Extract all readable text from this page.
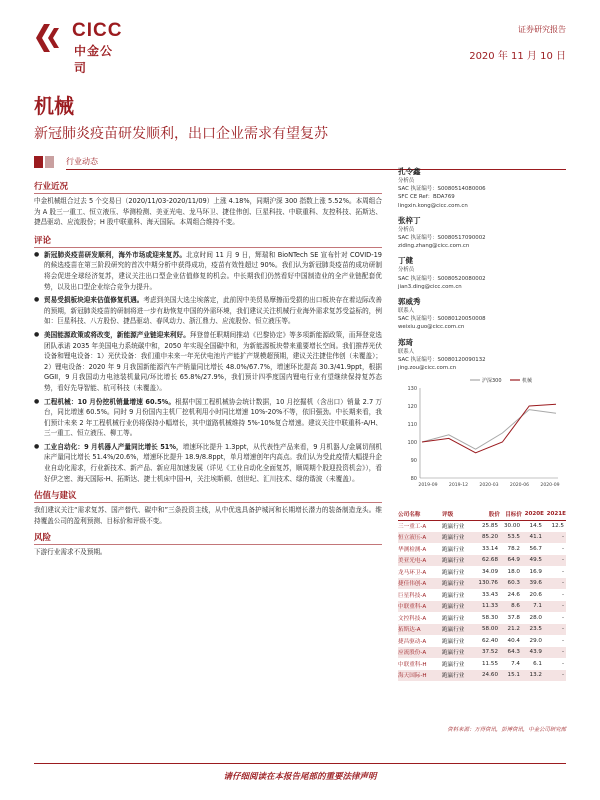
CICC
中金公司
证券研究报告
2020 年 11 月 10 日
机械
新冠肺炎疫苗研发顺利，出口企业需求有望复苏
行业动态
行业近况
中金机械组合过去 5 个交易日（2020/11/03-2020/11/09）上涨 4.18%，同期沪深 300 指数上涨 5.52%。本周组合为 A 股三一重工、恒立液压、华测检测、美亚光电、龙马环卫、捷佳伟创、巨星科技、中联重科、友控科技、拓斯达、捷昌驱动、应流股份；H 股中联重科、海天国际。本周组合维持不变。
评论
● 新冠肺炎疫苗研发顺利，海外市场或迎来复苏。北京时间 11 月 9 日，辉瑞和 BioNTech SE 宣布针对 COVID-19 的候选疫苗在第三阶段研究的首次中期分析中获得成功，疫苗有效性超过 90%。我们认为新冠肺炎疫苗的成功研制将会促进全球经济复苏，建议关注出口型企业估值修复的机会。中长期我们仍然看好中国制造业的全产业链配套优势，以及出口型企业综合竞争力提升。
● 贸易受损板块迎来估值修复机遇。考虑到美国大选尘埃落定，此前因中美贸易摩擦而受损的出口板块存在着边际改善的预期，新冠肺炎疫苗的研制将进一步有助恢复中国的外需环境，我们建议关注机械行业海外需求复苏受益标的，例如：巨星科技、八方股份、捷昌驱动、春风动力、浙江鼎力、应流股份、恒立液压等。
● 美国能源政策或将改变，新能源产业链迎来利好。拜登曾任职期间推动《巴黎协定》等多项新能源政策，而拜登竞选团队承诺 2035 年美国电力系统碳中和，2050 年实现全国碳中和，为新能源板块带来重要增长空间。我们推荐光伏设备和锂电设备：1）光伏设备：我们重申未来一年光伏电池片产能扩产规模超预期，建议关注捷佳伟创（未覆盖）；2）锂电设备：2020 年 9 月我国新能源汽车产销量同比增长 48.0%/67.7%，增速环比提高 30.3/41.9ppt，根据 GGII，9 月我国动力电池装机量同/环比增长 65.8%/27.9%，我们预计四季度国内锂电行业有望继续保持复苏态势，看好先导智能、杭可科技（未覆盖）。
● 工程机械：10 月份挖机销量增速 60.5%。根据中国工程机械协会统计数据，10 月挖掘机（含出口）销量 2.7 万台，同比增速 60.5%。同时 9 月份国内主机厂挖机利用小时同比增速 10%-20%不等，依旧强劲。中长期来看，我们预计未来 2 年工程机械行业仍将保持小幅增长，其中道路机械维持 5%-10%复合增速。建议关注中联重科-A/H、三一重工、恒立液压、柳工等。
● 工业自动化：9 月机器人产量同比增长 51%，增速环比提升 1.3ppt，从代表性产品来看，9 月机器人/金属切削机床产量同比增长 51.4%/20.6%，增速环比提升 18.9/8.8ppt，单月增速创年内高点。我们认为受此疫情大幅提升企业自动化需求，行业新技术、新产品、新应用加速发展（详见《工业自动化全面复苏，顺周期个股迎投资机会》），看好伊之密、海天国际-H、拓斯达、捷士机床中国-H，关注埃斯顿、创世纪、汇川技术、绿的谐波（未覆盖）。
估值与建议
我们建议关注“需求复苏、国产替代、碳中和”三条投资主线，从中优选具备护城河和长期增长潜力的装备制造龙头。维持覆盖公司的盈利预测、目标价和评级不变。
风险
下游行业需求不及预期。
孔令鑫
分析员
SAC 执证编号：S0080514080006
SFC CE Ref：BDA769
lingxin.kong@cicc.com.cn
张梓丁
分析员
SAC 执证编号：S0080517090002
ziding.zhang@cicc.com.cn
丁健
分析员
SAC 执证编号：S0080520080002
jian3.ding@cicc.com.cn
郭威秀
联系人
SAC 执证编号：S0080120050008
weixiu.guo@cicc.com.cn
郑琦
联系人
SAC 执证编号：S0080120090132
jing.zou@cicc.com.cn
130
120
110
100
90
80
2019-09 2019-12 2020-03 2020-06 2020-09
沪深300	机械
公司名称	评级	股价	目标价	2020E	2021E
三一重工-A	跑赢行业	25.85	30.00	14.5	12.5
恒立液压-A	跑赢行业	85.20	53.5	41.1	-
华测检测-A	跑赢行业	33.14	78.2	56.7	-
美亚光电-A	跑赢行业	62.68	64.9	49.5	-
龙马环卫-A	跑赢行业	34.09	18.0	16.9	-
捷佳伟创-A	跑赢行业	130.76	60.3	39.6	-
巨星科技-A	跑赢行业	33.43	24.6	20.6	-
中联重科-A	跑赢行业	11.33	8.6	7.1	-
文控科技-A	跑赢行业	58.30	37.8	28.0	-
拓斯达-A	跑赢行业	58.00	21.2	23.5	-
捷昌驱动-A	跑赢行业	62.40	40.4	29.0	-
应流股份-A	跑赢行业	37.52	64.3	43.9	-
中联重科-H	跑赢行业	11.55	7.4	6.1	-
海天国际-H	跑赢行业	24.60	15.1	13.2	-
资料来源：万得资讯，彭博资讯，中金公司研究部
请仔细阅读在本报告尾部的重要法律声明
